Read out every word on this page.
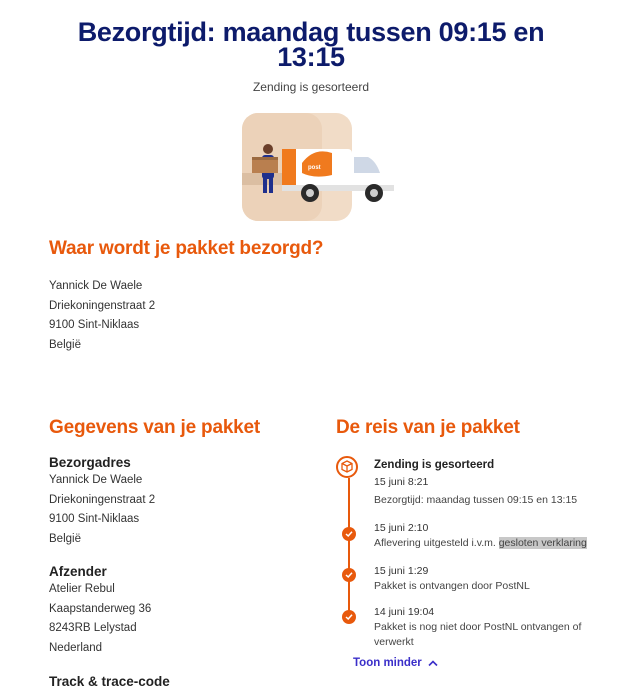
Bezorgtijd: maandag tussen 09:15 en 13:15
Zending is gesorteerd
post
Waar wordt je pakket bezorgd?
Yannick De Waele
Driekoningenstraat 2
9100 Sint-Niklaas
België
Gegevens van je pakket
Bezorgadres
Yannick De Waele
Driekoningenstraat 2
9100 Sint-Niklaas
België
Afzender
Atelier Rebul
Kaapstanderweg 36
8243RB Lelystad
Nederland
Track & trace-code
De reis van je pakket
Zending is gesorteerd
15 juni 8:21
Bezorgtijd: maandag tussen 09:15 en 13:15
15 juni 2:10
Aflevering uitgesteld i.v.m. gesloten verklaring
15 juni 1:29
Pakket is ontvangen door PostNL
14 juni 19:04
Pakket is nog niet door PostNL ontvangen of verwerkt
Toon minder
